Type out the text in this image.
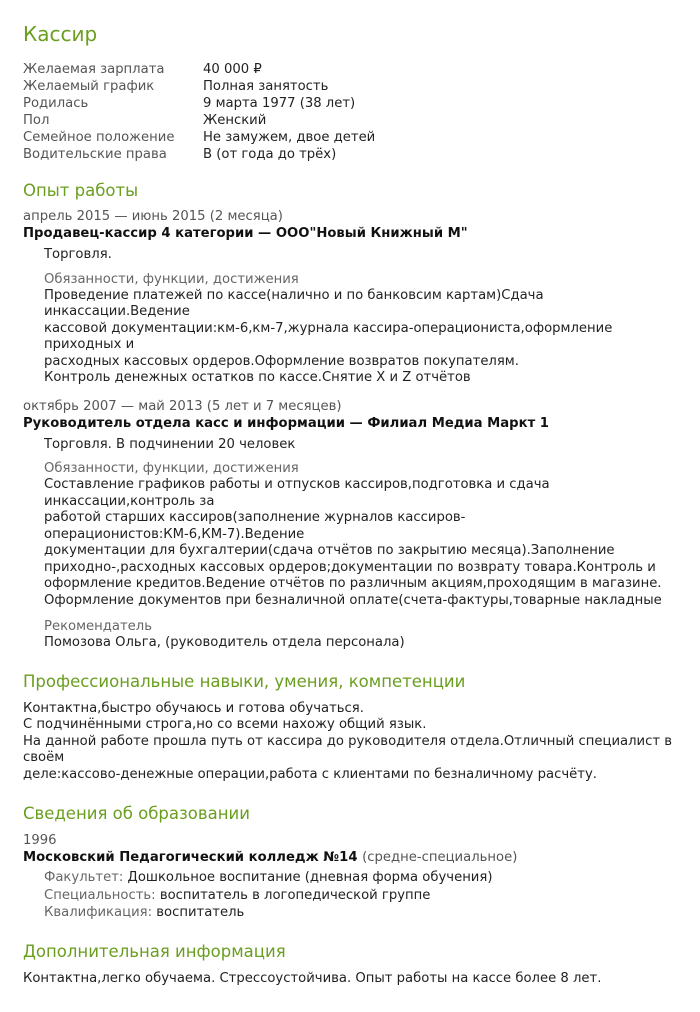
Кассир
Желаемая зарплата	40 000 ₽
Желаемый график	Полная занятость
Родилась	9 марта 1977 (38 лет)
Пол	Женский
Семейное положение	Не замужем, двое детей
Водительские права	В (от года до трёх)
Опыт работы
апрель 2015 — июнь 2015 (2 месяца)
Продавец-кассир 4 категории — ООО"Новый Книжный М"
Торговля.
Обязанности, функции, достижения
Проведение платежей по кассе(налично и по банковсим картам)Сдача инкассации.Ведение
кассовой документации:км-6,км-7,журнала кассира-операциониста,оформление приходных и
расходных кассовых ордеров.Оформление возвратов покупателям.
Контроль денежных остатков по кассе.Снятие X и Z отчётов
октябрь 2007 — май 2013 (5 лет и 7 месяцев)
Руководитель отдела касс и информации — Филиал Медиа Маркт 1
Торговля. В подчинении 20 человек
Обязанности, функции, достижения
Составление графиков работы и отпусков кассиров,подготовка и сдача инкассации,контроль за
работой старших кассиров(заполнение журналов кассиров-операционистов:КМ-6,КМ-7).Ведение
документации для бухгалтерии(сдача отчётов по закрытию месяца).Заполнение
приходно-,расходных кассовых ордеров;документации по возврату товара.Контроль и
оформление кредитов.Ведение отчётов по различным акциям,проходящим в магазине.
Оформление документов при безналичной оплате(счета-фактуры,товарные накладные
Рекомендатель
Помозова Ольга, (руководитель отдела персонала)
Профессиональные навыки, умения, компетенции
Контактна,быстро обучаюсь и готова обучаться.
С подчинёнными строга,но со всеми нахожу общий язык.
На данной работе прошла путь от кассира до руководителя отдела.Отличный специалист в своём
деле:кассово-денежные операции,работа с клиентами по безналичному расчёту.
Сведения об образовании
1996
Московский Педагогический колледж №14 (средне-специальное)
Факультет: Дошкольное воспитание (дневная форма обучения)
Специальность: воспитатель в логопедической группе
Квалификация: воспитатель
Дополнительная информация
Контактна,легко обучаема. Стрессоустойчива. Опыт работы на кассе более 8 лет.
